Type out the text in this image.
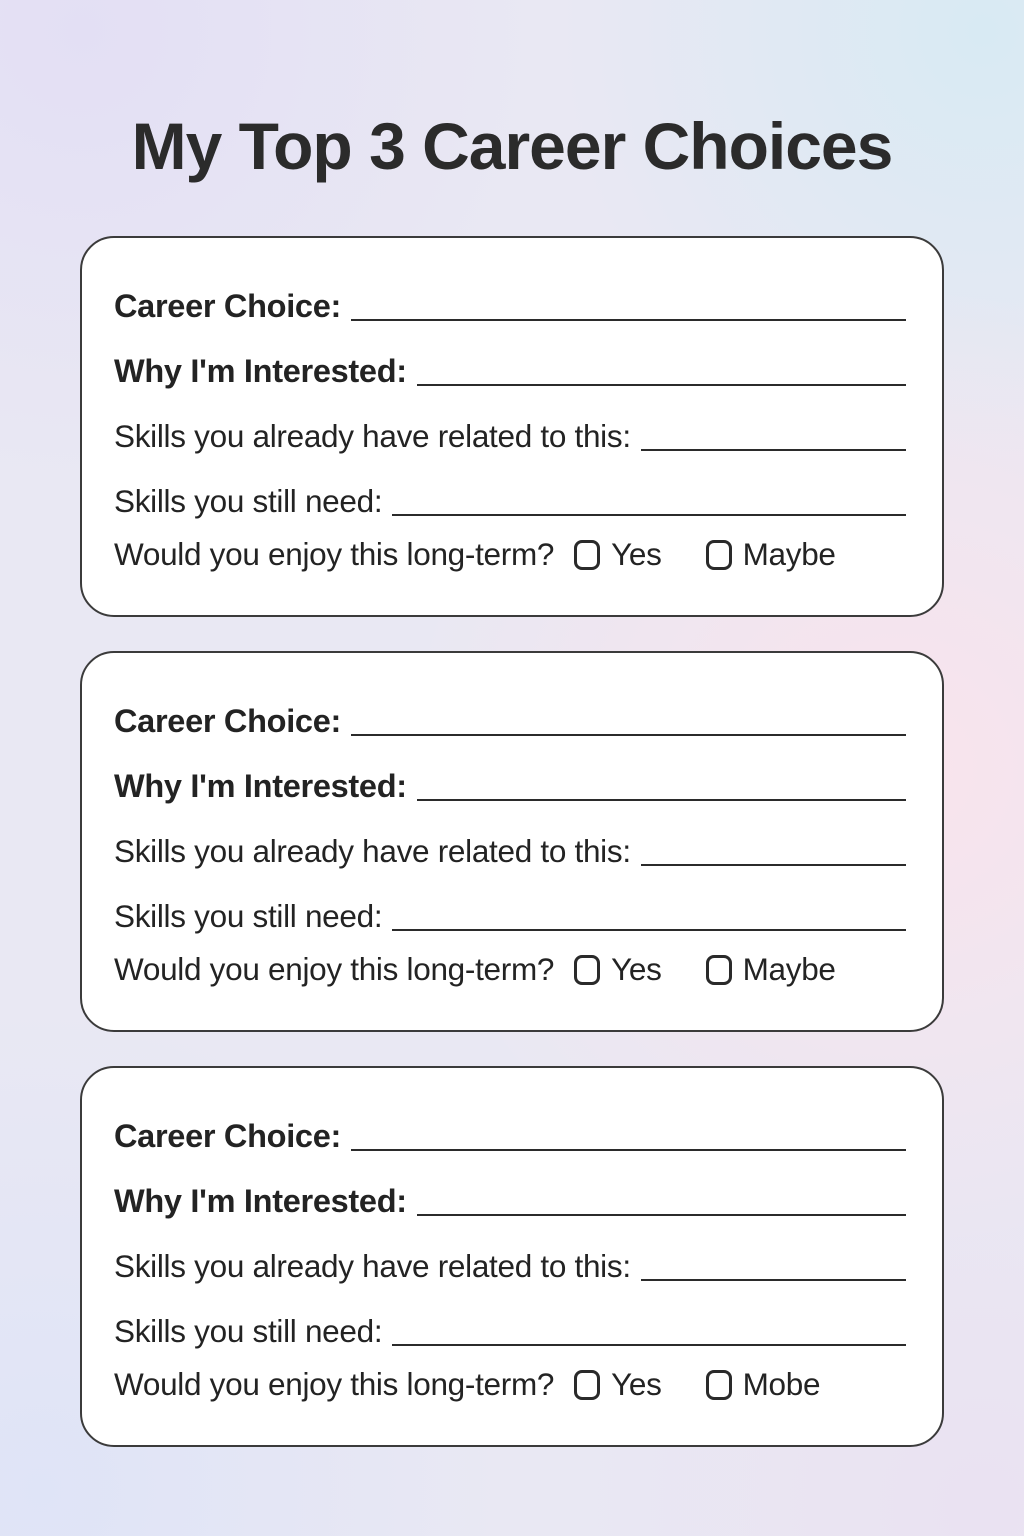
My Top 3 Career Choices
Career Choice:
Why I'm Interested:
Skills you already have related to this:
Skills you still need:
Would you enjoy this long-term? Yes	Maybe
Career Choice:
Why I'm Interested:
Skills you already have related to this:
Skills you still need:
Would you enjoy this long-term? Yes	Maybe
Career Choice:
Why I'm Interested:
Skills you already have related to this:
Skills you still need:
Would you enjoy this long-term? Yes	Mobe
